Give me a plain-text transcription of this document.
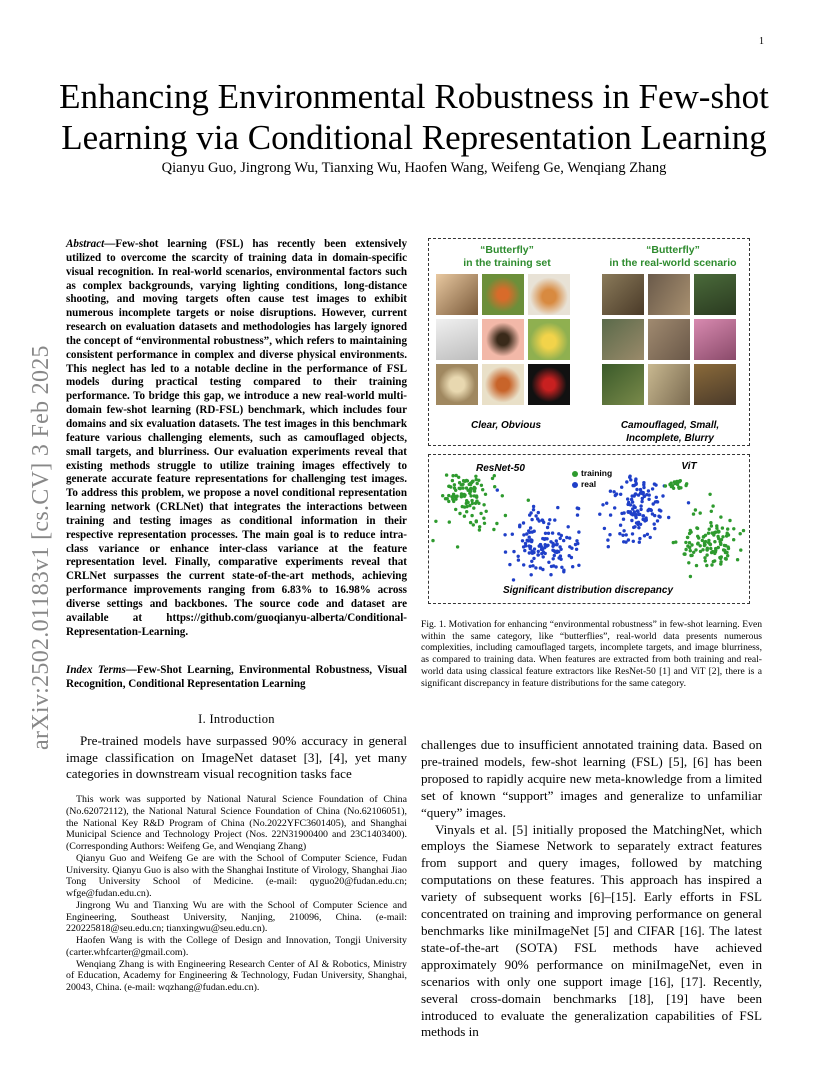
1
arXiv:2502.01183v1 [cs.CV] 3 Feb 2025
Enhancing Environmental Robustness in Few-shot Learning via Conditional Representation Learning
Qianyu Guo, Jingrong Wu, Tianxing Wu, Haofen Wang, Weifeng Ge, Wenqiang Zhang
Abstract—Few-shot learning (FSL) has recently been extensively utilized to overcome the scarcity of training data in domain-specific visual recognition. In real-world scenarios, environmental factors such as complex backgrounds, varying lighting conditions, long-distance shooting, and moving targets often cause test images to exhibit numerous incomplete targets or noise disruptions. However, current research on evaluation datasets and methodologies has largely ignored the concept of “environmental robustness”, which refers to maintaining consistent performance in complex and diverse physical environments. This neglect has led to a notable decline in the performance of FSL models during practical testing compared to their training performance. To bridge this gap, we introduce a new real-world multi-domain few-shot learning (RD-FSL) benchmark, which includes four domains and six evaluation datasets. The test images in this benchmark feature various challenging elements, such as camouflaged objects, small targets, and blurriness. Our evaluation experiments reveal that existing methods struggle to utilize training images effectively to generate accurate feature representations for challenging test images. To address this problem, we propose a novel conditional representation learning network (CRLNet) that integrates the interactions between training and testing images as conditional information in their respective representation processes. The main goal is to reduce intra-class variance or enhance inter-class variance at the feature representation level. Finally, comparative experiments reveal that CRLNet surpasses the current state-of-the-art methods, achieving performance improvements ranging from 6.83% to 16.98% across diverse settings and backbones. The source code and dataset are available at https://github.com/guoqianyu-alberta/Conditional-Representation-Learning.
Index Terms—Few-Shot Learning, Environmental Robustness, Visual Recognition, Conditional Representation Learning
I. Introduction

Pre-trained models have surpassed 90% accuracy in general image classification on ImageNet dataset [3], [4], yet many categories in downstream visual recognition tasks face

This work was supported by National Natural Science Foundation of China (No.62072112), the National Natural Science Foundation of China (No.62106051), the National Key R&D Program of China (No.2022YFC3601405), and Shanghai Municipal Science and Technology Project (Nos. 22N31900400 and 23C1403400). (Corresponding Authors: Weifeng Ge, and Wenqiang Zhang)

Qianyu Guo and Weifeng Ge are with the School of Computer Science, Fudan University. Qianyu Guo is also with the Shanghai Institute of Virology, Shanghai Jiao Tong University School of Medicine. (e-mail: qyguo20@fudan.edu.cn; wfge@fudan.edu.cn).

Jingrong Wu and Tianxing Wu are with the School of Computer Science and Engineering, Southeast University, Nanjing, 210096, China. (e-mail: 220225818@seu.edu.cn; tianxingwu@seu.edu.cn).

Haofen Wang is with the College of Design and Innovation, Tongji University (carter.whfcarter@gmail.com).

Wenqiang Zhang is with Engineering Research Center of AI & Robotics, Ministry of Education, Academy for Engineering & Technology, Fudan University, Shanghai, 20043, China. (e-mail: wqzhang@fudan.edu.cn).

“Butterfly”
in the training set
“Butterfly”
in the real-world scenario
Clear, Obvious	Camouflaged, Small,
Incomplete, Blurry
ResNet-50	ViT
training
real
Significant distribution discrepancy
Fig. 1. Motivation for enhancing “environmental robustness” in few-shot learning. Even within the same category, like “butterflies”, real-world data presents numerous complexities, including camouflaged targets, incomplete targets, and image blurriness, as compared to training data. When features are extracted from both training and real-world data using classical feature extractors like ResNet-50 [1] and ViT [2], there is a significant discrepancy in feature distributions for the same category.

challenges due to insufficient annotated training data. Based on pre-trained models, few-shot learning (FSL) [5], [6] has been proposed to rapidly acquire new meta-knowledge from a limited set of known “support” images and generalize to unfamiliar “query” images.

Vinyals et al. [5] initially proposed the MatchingNet, which employs the Siamese Network to separately extract features from support and query images, followed by matching computations on these features. This approach has inspired a variety of subsequent works [6]–[15]. Early efforts in FSL concentrated on training and improving performance on general benchmarks like miniImageNet [5] and CIFAR [16]. The latest state-of-the-art (SOTA) FSL methods have achieved approximately 90% performance on miniImageNet, even in scenarios with only one support image [16], [17]. Recently, several cross-domain benchmarks [18], [19] have been introduced to evaluate the generalization capabilities of FSL methods in
